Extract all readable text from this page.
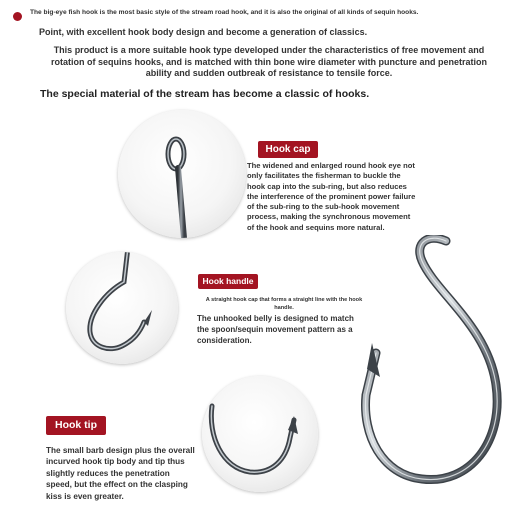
The big-eye fish hook is the most basic style of the stream road hook, and it is also the original of all kinds of sequin hooks.
Point, with excellent hook body design and become a generation of classics.
This product is a more suitable hook type developed under the characteristics of free movement and rotation of sequins hooks, and is matched with thin bone wire diameter with puncture and penetration ability and sudden outbreak of resistance to tensile force.
The special material of the stream has become a classic of hooks.
Hook cap
The widened and enlarged round hook eye not only facilitates the fisherman to buckle the hook cap into the sub-ring, but also reduces the interference of the prominent power failure of the sub-ring to the sub-hook movement process, making the synchronous movement of the hook and sequins more natural.
Hook handle
A straight hook cap that forms a straight line with the hook handle.
The unhooked belly is designed to match the spoon/sequin movement pattern as a consideration.
Hook tip
The small barb design plus the overall incurved hook tip body and tip thus slightly reduces the penetration speed, but the effect on the clasping kiss is even greater.
